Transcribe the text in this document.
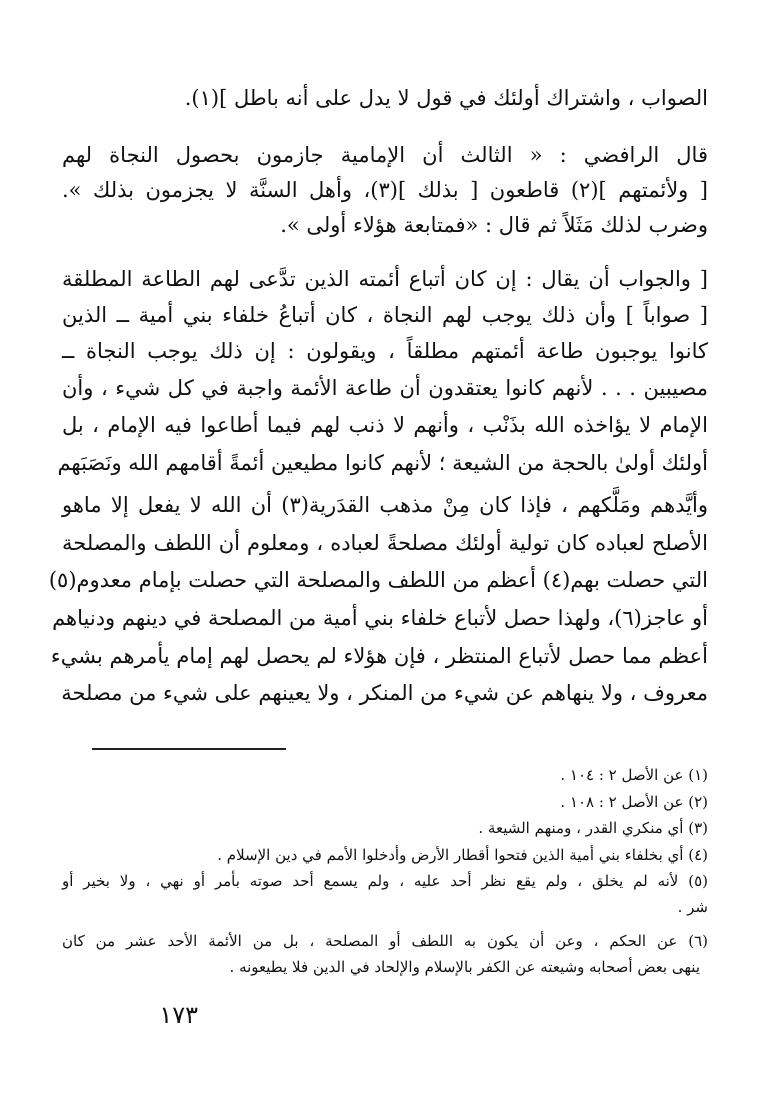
الصواب ، واشتراك أولئك في قول لا يدل على أنه باطل ](١).
قال الرافضي : « الثالث أن الإمامية جازمون بحصول النجاة لهم
[ ولأئمتهم ](٢) قاطعون [ بذلك ](٣)، وأهل السنَّة لا يجزمون بذلك ».
وضرب لذلك مَثَلاً ثم قال : «فمتابعة هؤلاء أولى ».
[ والجواب أن يقال : إن كان أتباع أئمته الذين تدَّعى لهم الطاعة المطلقة
[ صواباً ] وأن ذلك يوجب لهم النجاة ، كان أتباعُ خلفاء بني أمية ــ الذين
كانوا يوجبون طاعة أئمتهم مطلقاً ، ويقولون : إن ذلك يوجب النجاة ــ
مصيبين . . . لأنهم كانوا يعتقدون أن طاعة الأئمة واجبة في كل شيء ، وأن
الإمام لا يؤاخذه الله بذَنْب ، وأنهم لا ذنب لهم فيما أطاعوا فيه الإمام ، بل
أولئك أولىٰ بالحجة من الشيعة ؛ لأنهم كانوا مطيعين أئمةً أقامهم الله ونَصَبَهم
وأيَّدهم ومَلَّكهم ، فإذا كان مِنْ مذهب القدَرية(٣) أن الله لا يفعل إلا ماهو
الأصلح لعباده كان تولية أولئك مصلحةً لعباده ، ومعلوم أن اللطف والمصلحة
التي حصلت بهم(٤) أعظم من اللطف والمصلحة التي حصلت بإمام معدوم(٥)
أو عاجز(٦)، ولهذا حصل لأتباع خلفاء بني أمية من المصلحة في دينهم ودنياهم
أعظم مما حصل لأتباع المنتظر ، فإن هؤلاء لم يحصل لهم إمام يأمرهم بشيء
معروف ، ولا ينهاهم عن شيء من المنكر ، ولا يعينهم على شيء من مصلحة
(١) عن الأصل ٢ : ١٠٤ .
(٢) عن الأصل ٢ : ١٠٨ .
(٣) أي منكري القدر ، ومنهم الشيعة .
(٤) أي بخلفاء بني أمية الذين فتحوا أقطار الأرض وأدخلوا الأمم في دين الإسلام .
(٥) لأنه لم يخلق ، ولم يقع نظر أحد عليه ، ولم يسمع أحد صوته بأمر أو نهي ، ولا بخير أو
شر .
(٦) عن الحكم ، وعن أن يكون به اللطف أو المصلحة ، بل من الأئمة الأحد عشر من كان
ينهى بعض أصحابه وشيعته عن الكفر بالإسلام والإلحاد في الدين فلا يطيعونه .
١٧٣
